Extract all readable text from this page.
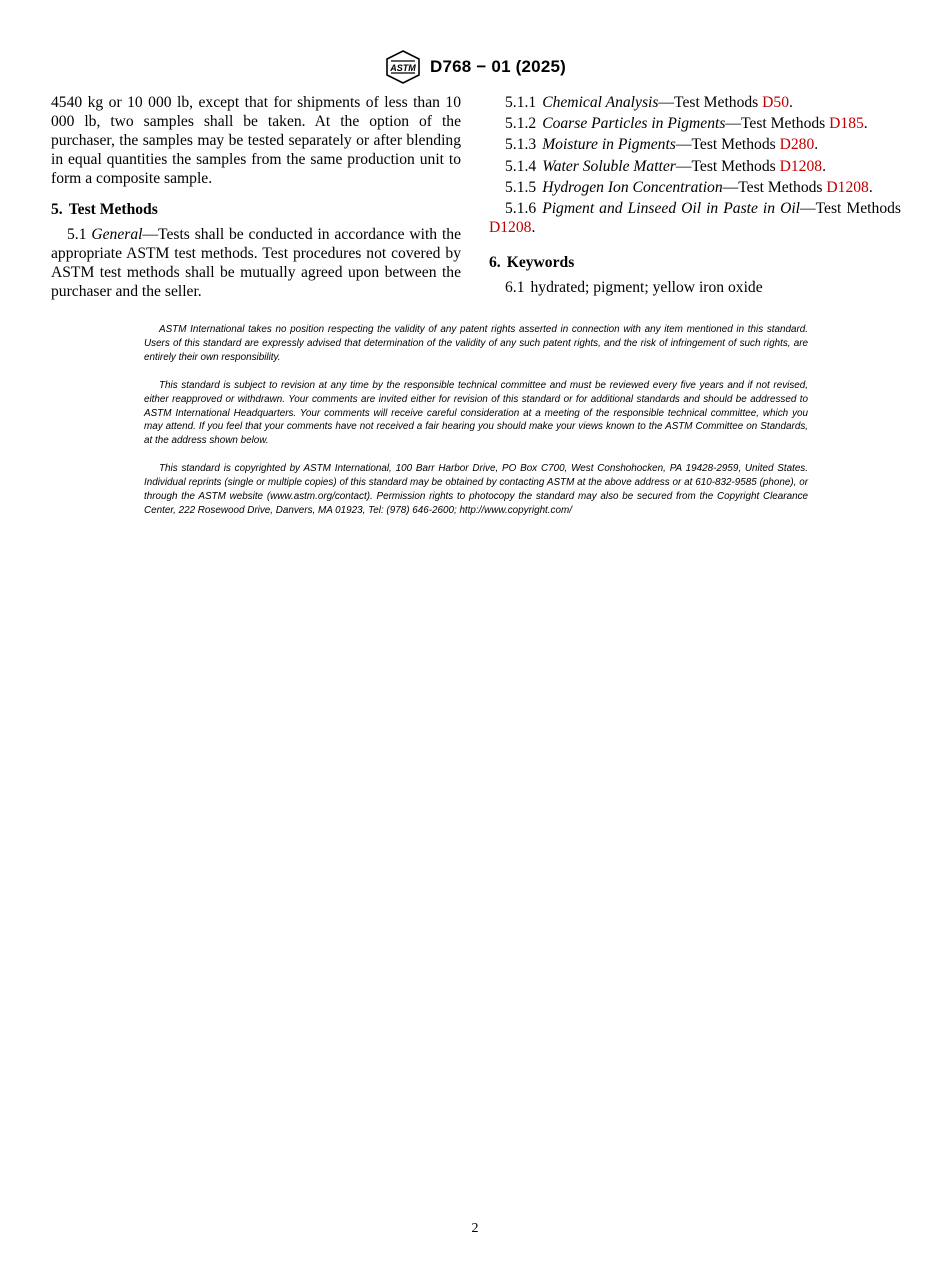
ASTM D768 − 01 (2025)

4540 kg or 10 000 lb, except that for shipments of less than 10 000 lb, two samples shall be taken. At the option of the purchaser, the samples may be tested separately or after blending in equal quantities the samples from the same production unit to form a composite sample.

5. Test Methods

5.1 General—Tests shall be conducted in accordance with the appropriate ASTM test methods. Test procedures not covered by ASTM test methods shall be mutually agreed upon between the purchaser and the seller.

5.1.1 Chemical Analysis—Test Methods D50.

5.1.2 Coarse Particles in Pigments—Test Methods D185.

5.1.3 Moisture in Pigments—Test Methods D280.

5.1.4 Water Soluble Matter—Test Methods D1208.

5.1.5 Hydrogen Ion Concentration—Test Methods D1208.

5.1.6 Pigment and Linseed Oil in Paste in Oil—Test Methods D1208.

6. Keywords

6.1 hydrated; pigment; yellow iron oxide

ASTM International takes no position respecting the validity of any patent rights asserted in connection with any item mentioned in this standard. Users of this standard are expressly advised that determination of the validity of any such patent rights, and the risk of infringement of such rights, are entirely their own responsibility.

This standard is subject to revision at any time by the responsible technical committee and must be reviewed every five years and if not revised, either reapproved or withdrawn. Your comments are invited either for revision of this standard or for additional standards and should be addressed to ASTM International Headquarters. Your comments will receive careful consideration at a meeting of the responsible technical committee, which you may attend. If you feel that your comments have not received a fair hearing you should make your views known to the ASTM Committee on Standards, at the address shown below.

This standard is copyrighted by ASTM International, 100 Barr Harbor Drive, PO Box C700, West Conshohocken, PA 19428-2959, United States. Individual reprints (single or multiple copies) of this standard may be obtained by contacting ASTM at the above address or at 610-832-9585 (phone), or through the ASTM website (www.astm.org/contact). Permission rights to photocopy the standard may also be secured from the Copyright Clearance Center, 222 Rosewood Drive, Danvers, MA 01923, Tel: (978) 646-2600; http://www.copyright.com/

2
